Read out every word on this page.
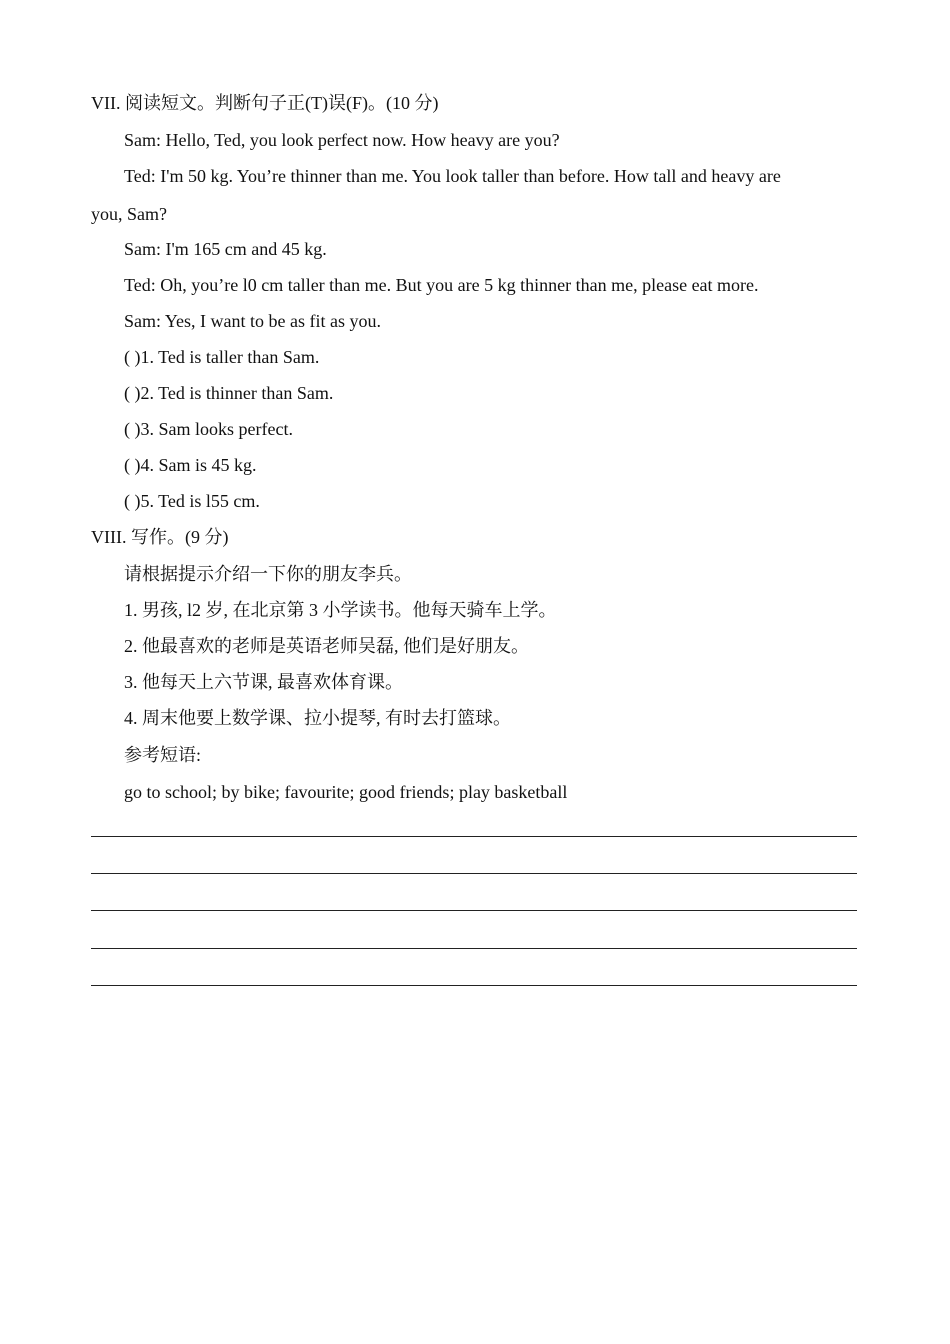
VII. 阅读短文。判断句子正(T)误(F)。(10 分)
Sam: Hello, Ted, you look perfect now. How heavy are you?
Ted: I'm 50 kg. You’re thinner than me. You look taller than before. How tall and heavy are
you, Sam?
Sam: I'm 165 cm and 45 kg.
Ted: Oh, you’re l0 cm taller than me. But you are 5 kg thinner than me, please eat more.
Sam: Yes, I want to be as fit as you.
( )1. Ted is taller than Sam.
( )2. Ted is thinner than Sam.
( )3. Sam looks perfect.
( )4. Sam is 45 kg.
( )5. Ted is l55 cm.
VIII. 写作。(9 分)
请根据提示介绍一下你的朋友李兵。
1. 男孩, l2 岁, 在北京第 3 小学读书。他每天骑车上学。
2. 他最喜欢的老师是英语老师吴磊, 他们是好朋友。
3. 他每天上六节课, 最喜欢体育课。
4. 周末他要上数学课、拉小提琴, 有时去打篮球。
参考短语:
go to school; by bike; favourite; good friends; play basketball
